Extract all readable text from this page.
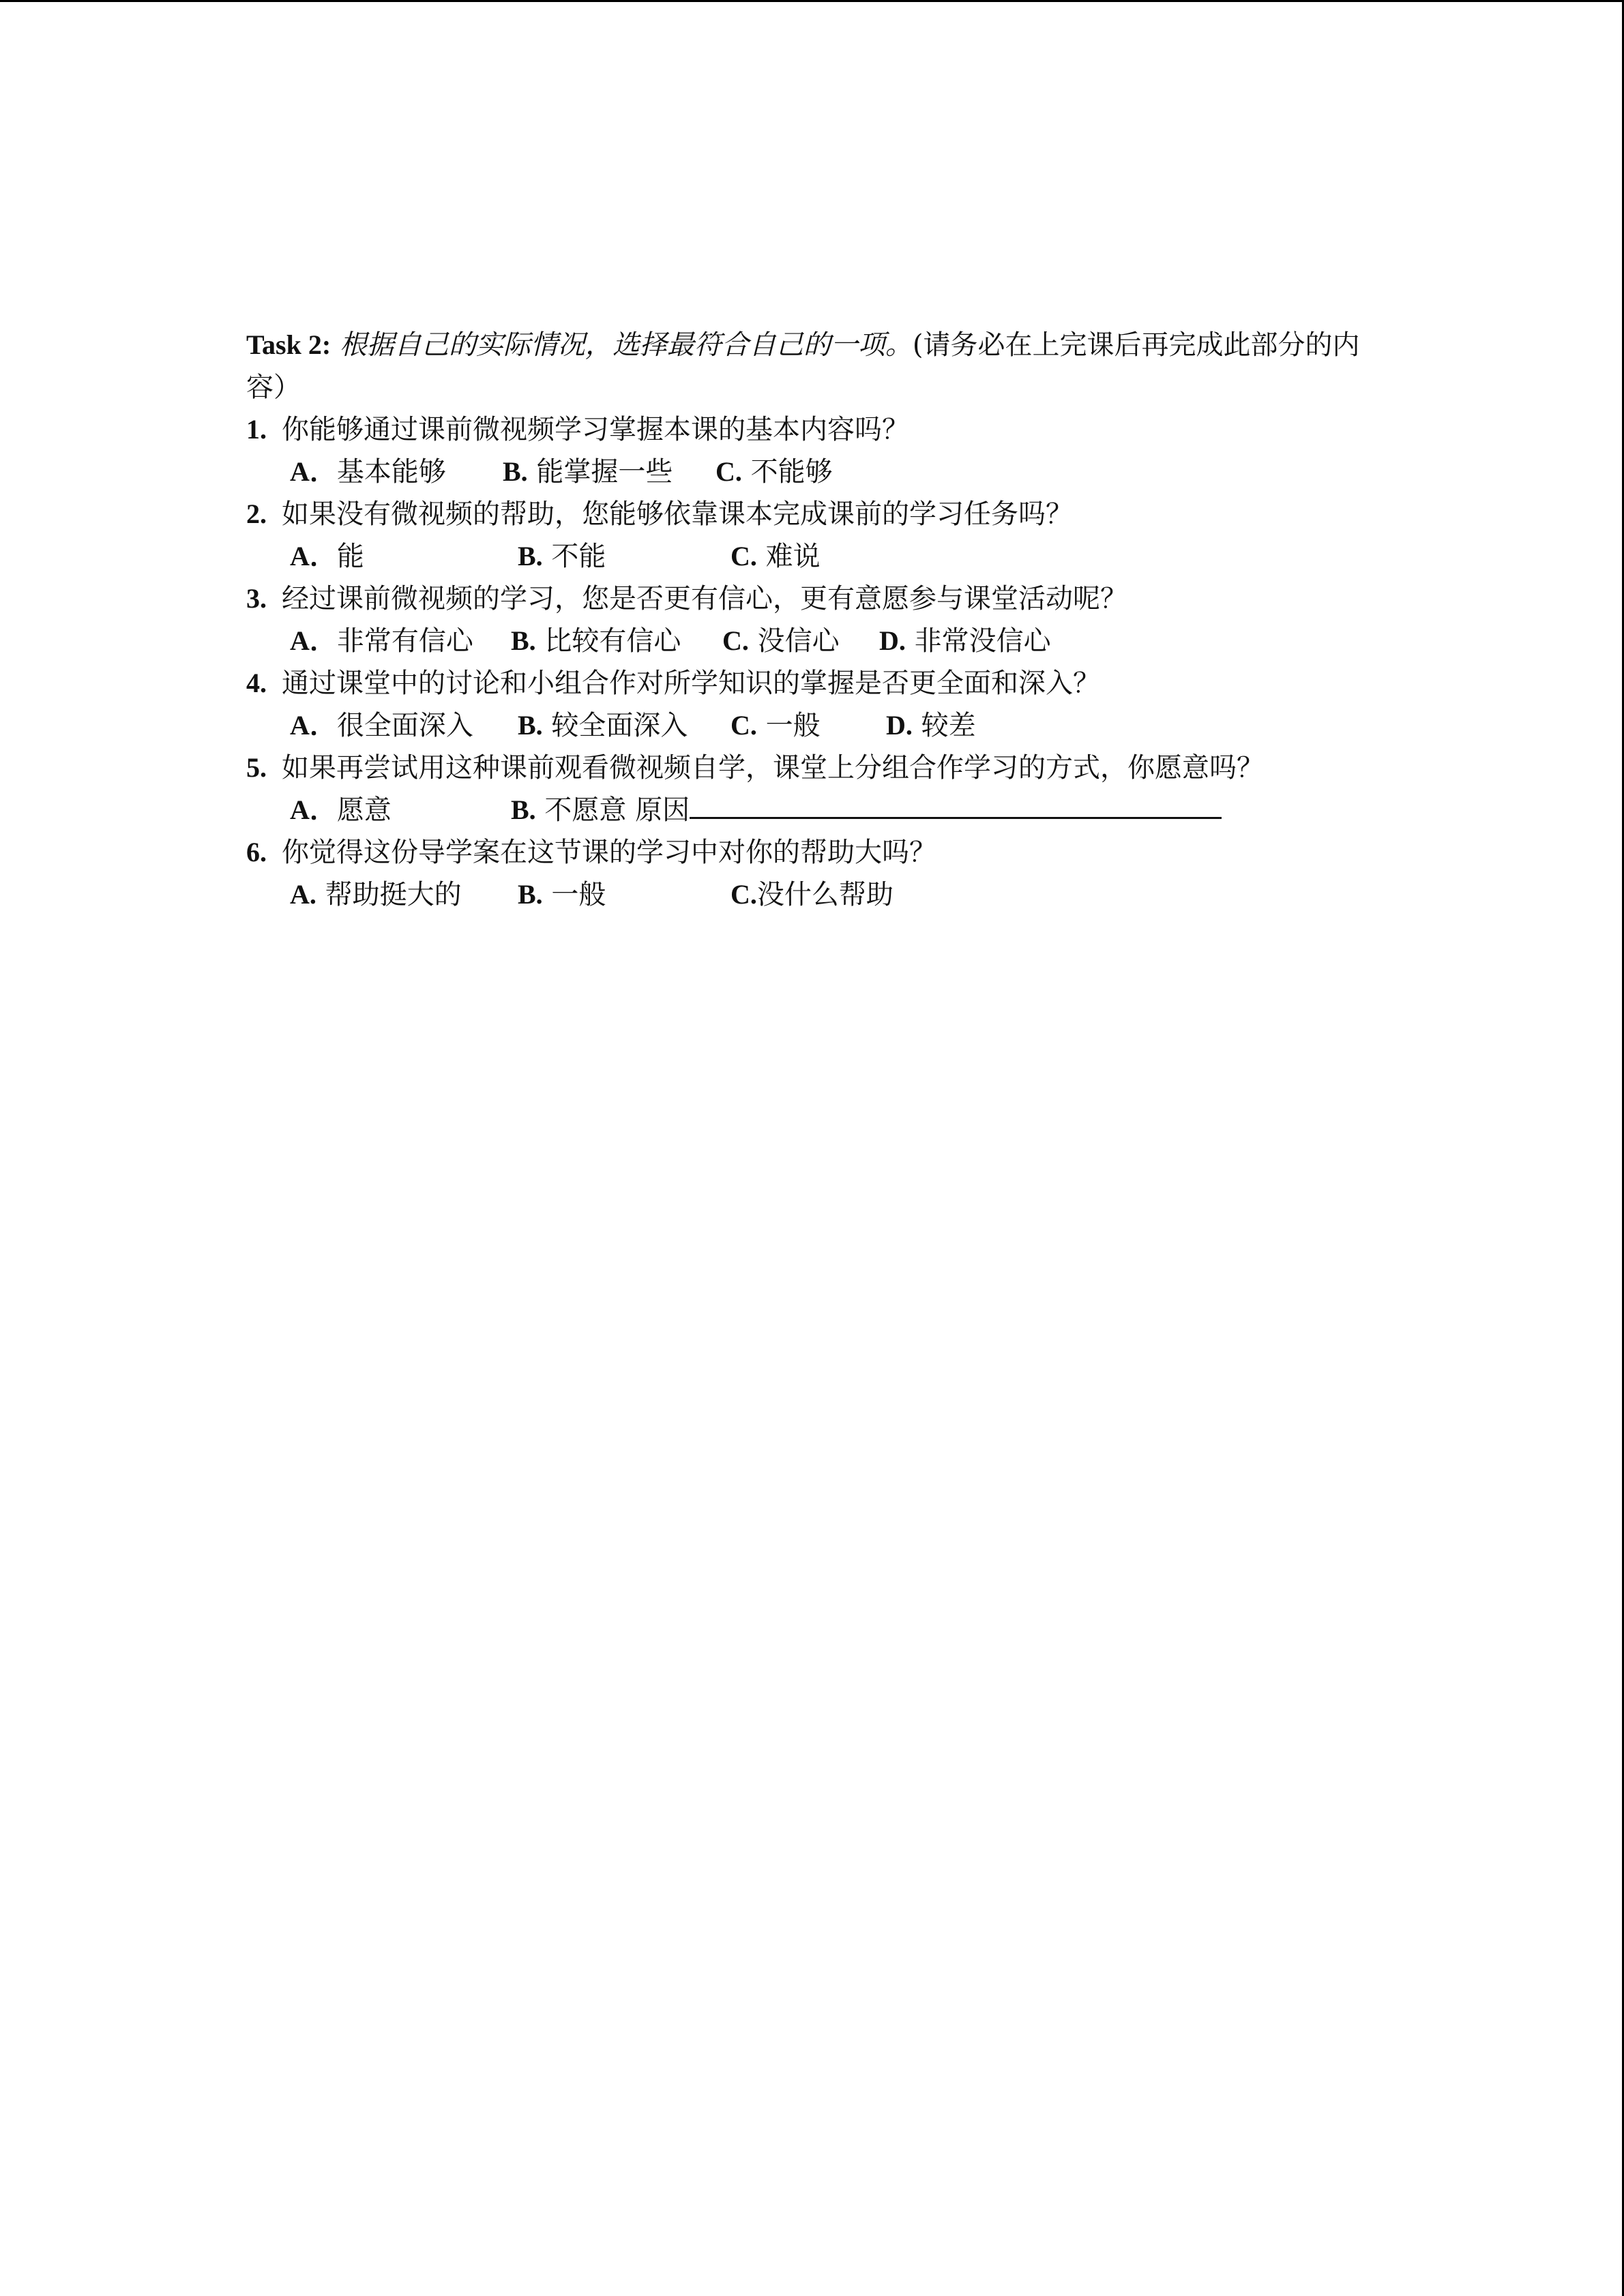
Task 2: 根据自己的实际情况，选择最符合自己的一项。(请务必在上完课后再完成此部分的内容）

1. 你能够通过课前微视频学习掌握本课的基本内容吗？

A．基本能够 B. 能掌握一些 C. 不能够

2. 如果没有微视频的帮助，您能够依靠课本完成课前的学习任务吗？

A．能	B. 不能	C. 难说

3. 经过课前微视频的学习，您是否更有信心，更有意愿参与课堂活动呢？

A．非常有信心 B. 比较有信心 C. 没信心 D. 非常没信心

4. 通过课堂中的讨论和小组合作对所学知识的掌握是否更全面和深入？

A．很全面深入 B. 较全面深入 C. 一般 D. 较差

5. 如果再尝试用这种课前观看微视频自学，课堂上分组合作学习的方式，你愿意吗？

A．愿意	B. 不愿意 原因

6. 你觉得这份导学案在这节课的学习中对你的帮助大吗？

A. 帮助挺大的 B. 一般	C.没什么帮助
